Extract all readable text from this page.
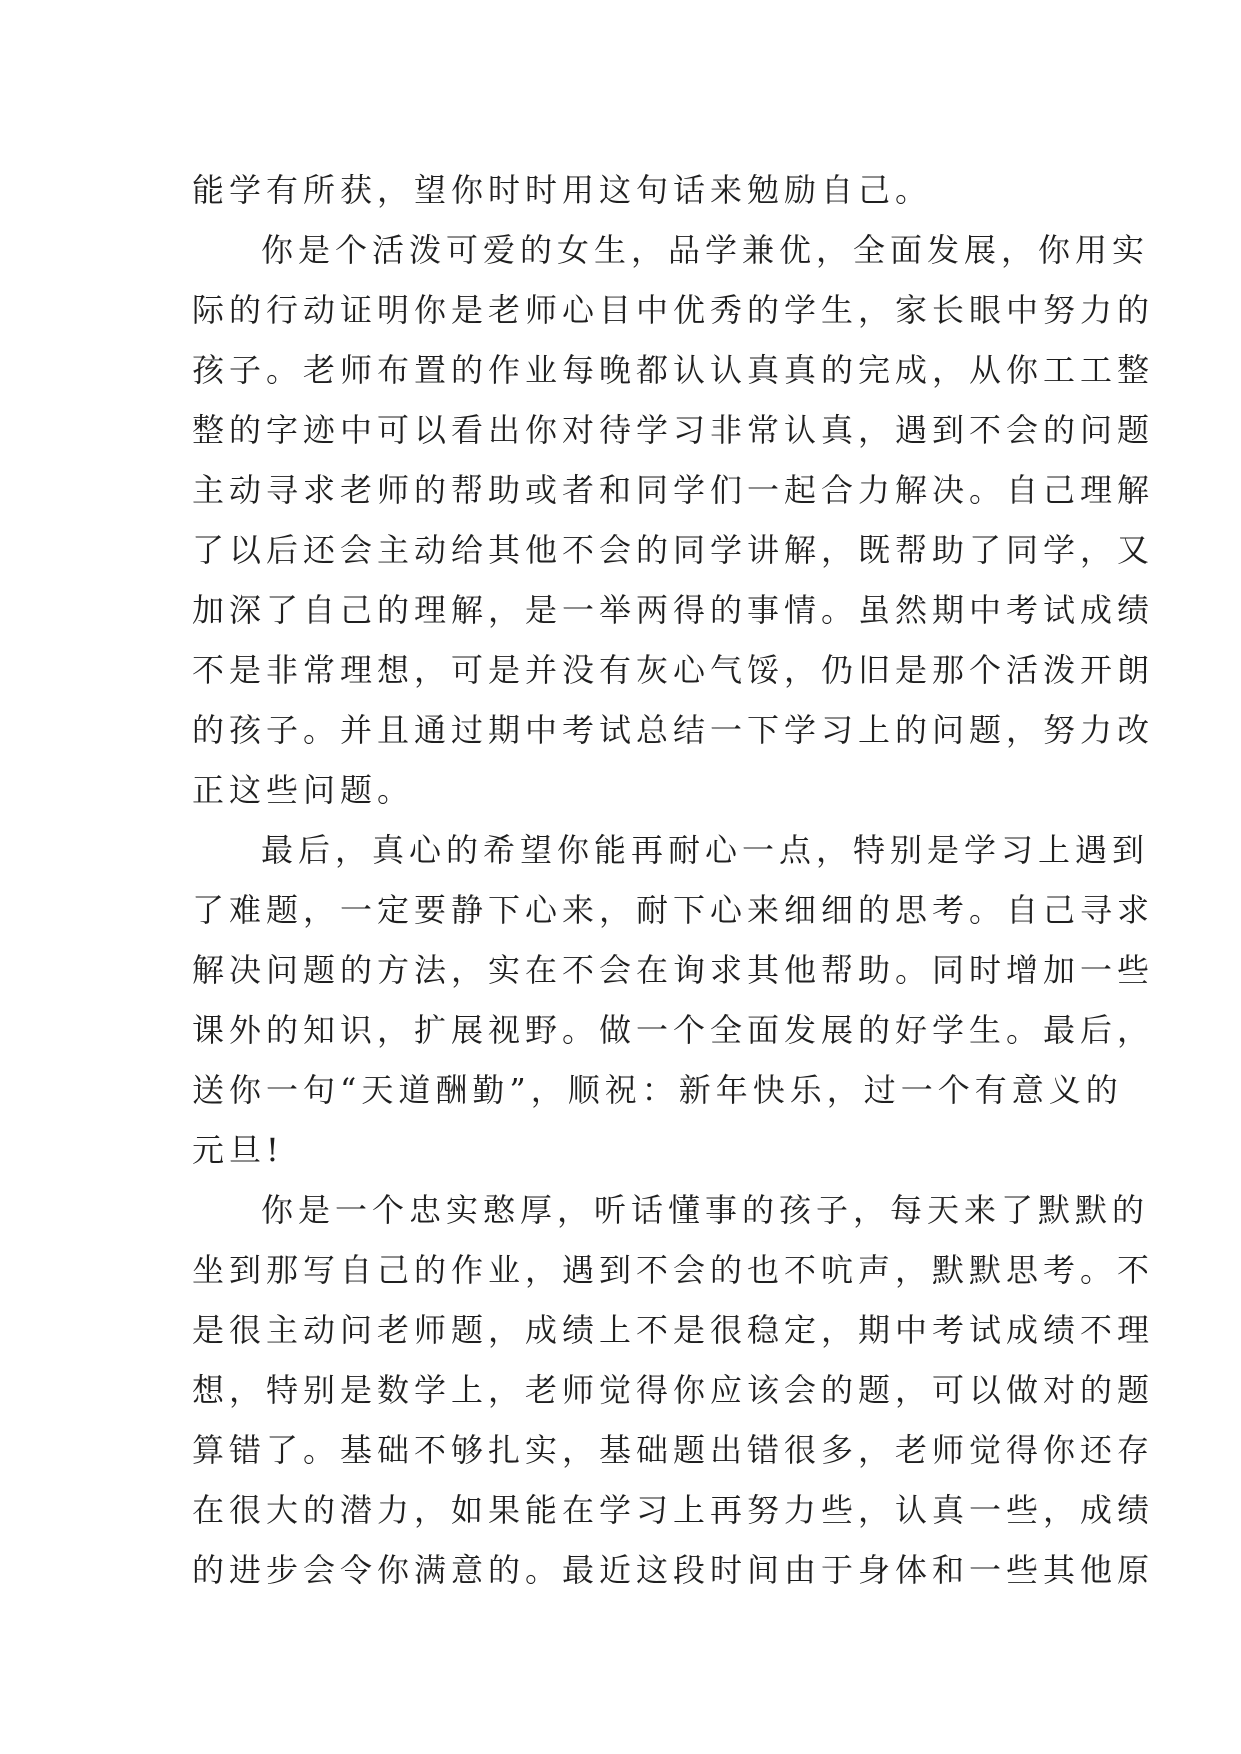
能学有所获，望你时时用这句话来勉励自己。
你是个活泼可爱的女生，品学兼优，全面发展，你用实
际的行动证明你是老师心目中优秀的学生，家长眼中努力的
孩子。老师布置的作业每晚都认认真真的完成，从你工工整
整的字迹中可以看出你对待学习非常认真，遇到不会的问题
主动寻求老师的帮助或者和同学们一起合力解决。自己理解
了以后还会主动给其他不会的同学讲解，既帮助了同学，又
加深了自己的理解，是一举两得的事情。虽然期中考试成绩
不是非常理想，可是并没有灰心气馁，仍旧是那个活泼开朗
的孩子。并且通过期中考试总结一下学习上的问题，努力改
正这些问题。
最后，真心的希望你能再耐心一点，特别是学习上遇到
了难题，一定要静下心来，耐下心来细细的思考。自己寻求
解决问题的方法，实在不会在询求其他帮助。同时增加一些
课外的知识，扩展视野。做一个全面发展的好学生。最后，
送你一句“天道酬勤”，顺祝：新年快乐，过一个有意义的
元旦!
你是一个忠实憨厚，听话懂事的孩子，每天来了默默的
坐到那写自己的作业，遇到不会的也不吭声，默默思考。不
是很主动问老师题，成绩上不是很稳定，期中考试成绩不理
想，特别是数学上，老师觉得你应该会的题，可以做对的题
算错了。基础不够扎实，基础题出错很多，老师觉得你还存
在很大的潜力，如果能在学习上再努力些，认真一些，成绩
的进步会令你满意的。最近这段时间由于身体和一些其他原
